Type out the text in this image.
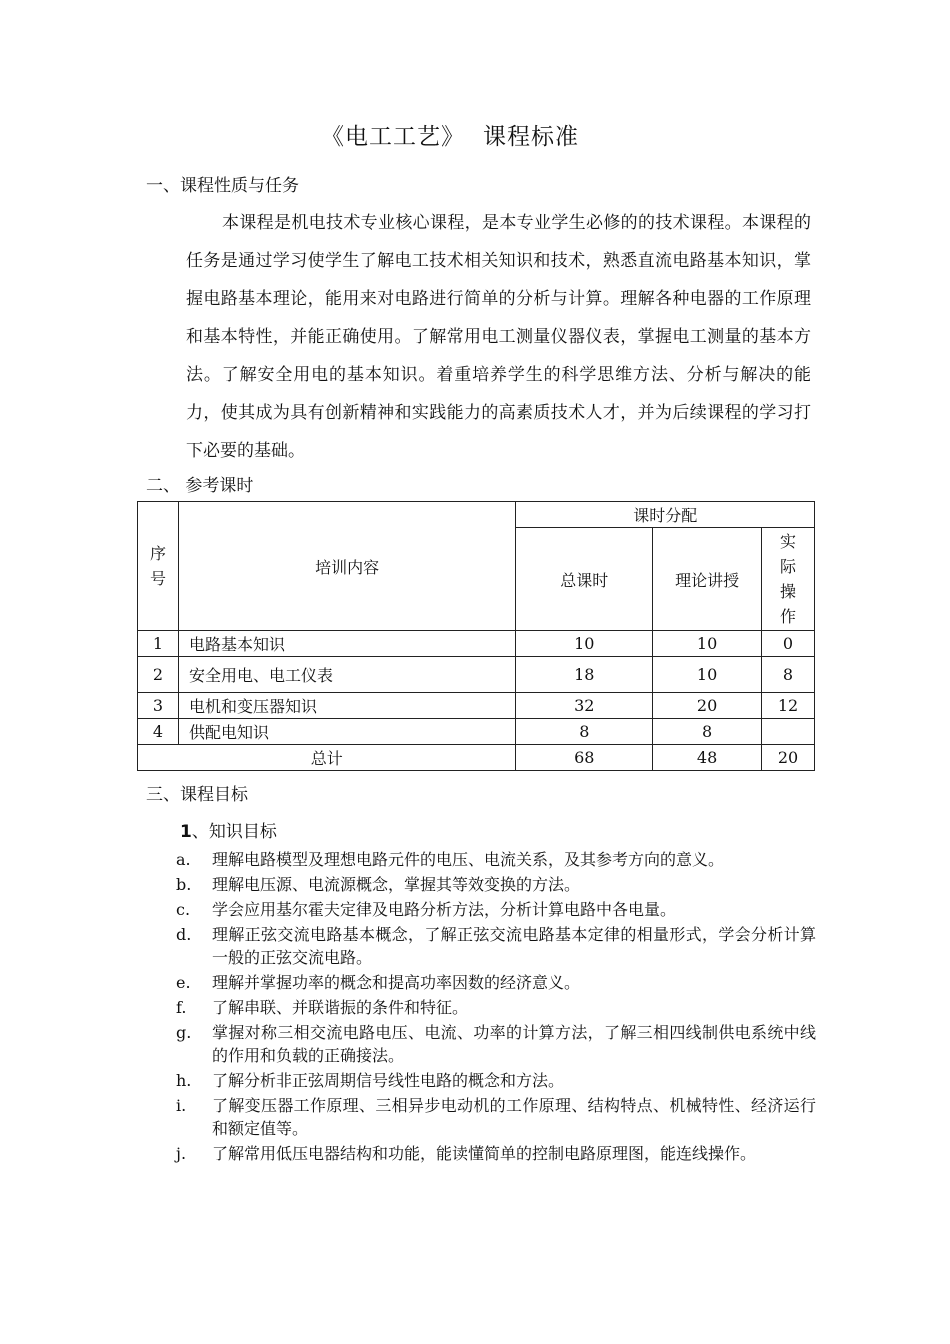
《电工工艺》 课程标准
一、课程性质与任务

本课程是机电技术专业核心课程，是本专业学生必修的的技术课程。本课程的任务是通过学习使学生了解电工技术相关知识和技术，熟悉直流电路基本知识，掌握电路基本理论，能用来对电路进行简单的分析与计算。理解各种电器的工作原理和基本特性，并能正确使用。了解常用电工测量仪器仪表，掌握电工测量的基本方法。了解安全用电的基本知识。着重培养学生的科学思维方法、分析与解决的能力，使其成为具有创新精神和实践能力的高素质技术人才，并为后续课程的学习打下必要的基础。

二、 参考课时
序号	培训内容	课时分配		
		总课时	理论讲授	实际操作

1	电路基本知识	10	10	0
2	安全用电、电工仪表	18	10	8
3	电机和变压器知识	32	20	12
4	供配电知识	8	8	
总计		68	48	20
三、课程目标
1、知识目标
a.	理解电路模型及理想电路元件的电压、电流关系，及其参考方向的意义。
b.	理解电压源、电流源概念，掌握其等效变换的方法。
c.	学会应用基尔霍夫定律及电路分析方法，分析计算电路中各电量。
d.	理解正弦交流电路基本概念，了解正弦交流电路基本定律的相量形式，学会分析计算一般的正弦交流电路。
e.	理解并掌握功率的概念和提高功率因数的经济意义。
f.	了解串联、并联谐振的条件和特征。
g.	掌握对称三相交流电路电压、电流、功率的计算方法，了解三相四线制供电系统中线的作用和负载的正确接法。
h.	了解分析非正弦周期信号线性电路的概念和方法。
i.	了解变压器工作原理、三相异步电动机的工作原理、结构特点、机械特性、经济运行和额定值等。
j.	了解常用低压电器结构和功能，能读懂简单的控制电路原理图，能连线操作。
